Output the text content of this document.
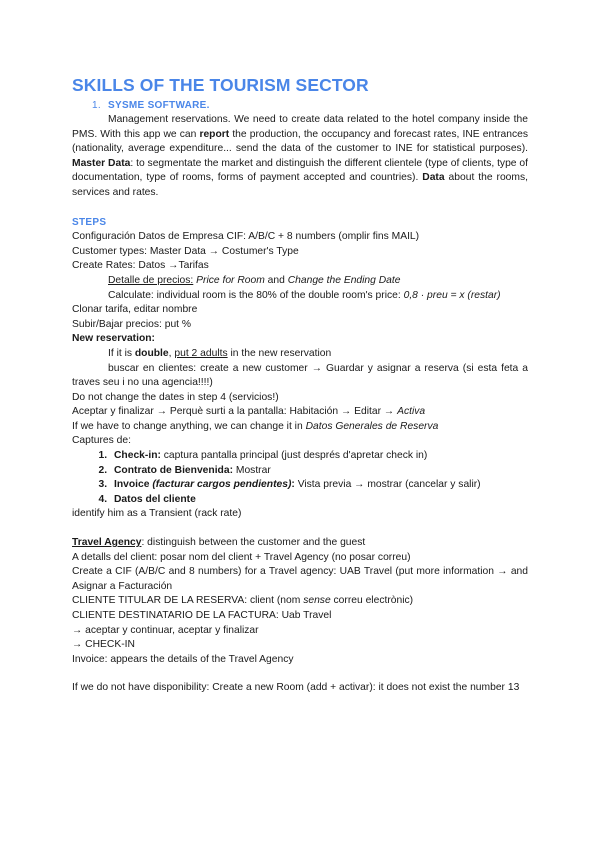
SKILLS OF THE TOURISM SECTOR
1. SYSME SOFTWARE.
Management reservations. We need to create data related to the hotel company inside the PMS. With this app we can report the production, the occupancy and forecast rates, INE entrances (nationality, average expenditure... send the data of the customer to INE for statistical purposes). Master Data: to segmentate the market and distinguish the different clientele (type of clients, type of documentation, type of rooms, forms of payment accepted and countries). Data about the rooms, services and rates.
STEPS
Configuración Datos de Empresa CIF: A/B/C + 8 numbers (omplir fins MAIL)
Customer types: Master Data → Costumer's Type
Create Rates: Datos →Tarifas
Detalle de precios: Price for Room and Change the Ending Date
Calculate: individual room is the 80% of the double room's price: 0,8 · preu = x (restar)
Clonar tarifa, editar nombre
Subir/Bajar precios: put %
New reservation:
If it is double, put 2 adults in the new reservation
buscar en clientes: create a new customer → Guardar y asignar a reserva (si esta feta a traves seu i no una agencia!!!!)
Do not change the dates in step 4 (servicios!)
Aceptar y finalizar → Perquè surti a la pantalla: Habitación → Editar → Activa
If we have to change anything, we can change it in Datos Generales de Reserva
Captures de:
1. Check-in: captura pantalla principal (just després d'apretar check in)
2. Contrato de Bienvenida: Mostrar
3. Invoice (facturar cargos pendientes): Vista previa → mostrar (cancelar y salir)
4. Datos del cliente
identify him as a Transient (rack rate)
Travel Agency: distinguish between the customer and the guest
A detalls del client: posar nom del client + Travel Agency (no posar correu)
Create a CIF (A/B/C and 8 numbers) for a Travel agency: UAB Travel (put more information → and Asignar a Facturación
CLIENTE TITULAR DE LA RESERVA: client (nom sense correu electrònic)
CLIENTE DESTINATARIO DE LA FACTURA: Uab Travel
→ aceptar y continuar, aceptar y finalizar
→ CHECK-IN
Invoice: appears the details of the Travel Agency
If we do not have disponibility: Create a new Room (add + activar): it does not exist the number 13
